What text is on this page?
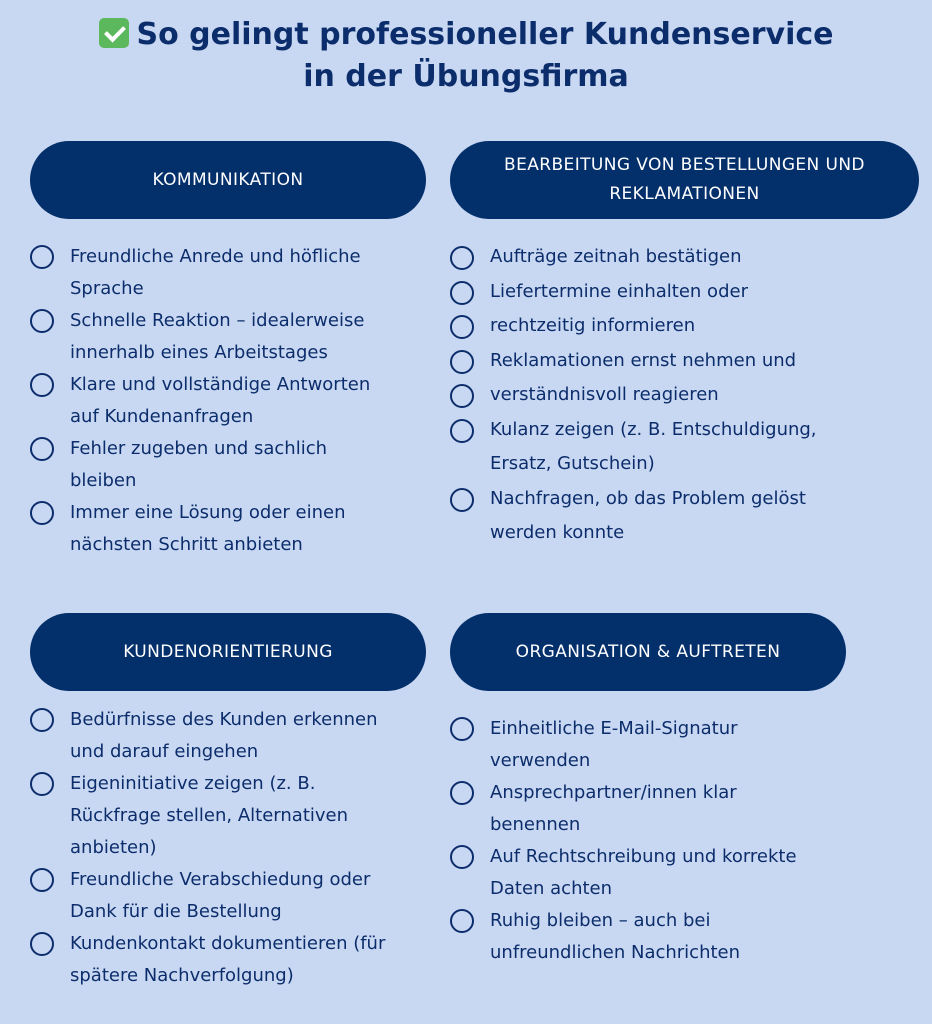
So gelingt professioneller Kundenservice
in der Übungsfirma
KOMMUNIKATION
Freundliche Anrede und höfliche
Sprache
Schnelle Reaktion – idealerweise
innerhalb eines Arbeitstages
Klare und vollständige Antworten
auf Kundenanfragen
Fehler zugeben und sachlich
bleiben
Immer eine Lösung oder einen
nächsten Schritt anbieten
BEARBEITUNG VON BESTELLUNGEN UND
REKLAMATIONEN
Aufträge zeitnah bestätigen
Liefertermine einhalten oder
rechtzeitig informieren
Reklamationen ernst nehmen und
verständnisvoll reagieren
Kulanz zeigen (z. B. Entschuldigung,
Ersatz, Gutschein)
Nachfragen, ob das Problem gelöst
werden konnte
KUNDENORIENTIERUNG
Bedürfnisse des Kunden erkennen
und darauf eingehen
Eigeninitiative zeigen (z. B.
Rückfrage stellen, Alternativen
anbieten)
Freundliche Verabschiedung oder
Dank für die Bestellung
Kundenkontakt dokumentieren (für
spätere Nachverfolgung)
ORGANISATION & AUFTRETEN
Einheitliche E-Mail-Signatur
verwenden
Ansprechpartner/innen klar
benennen
Auf Rechtschreibung und korrekte
Daten achten
Ruhig bleiben – auch bei
unfreundlichen Nachrichten
